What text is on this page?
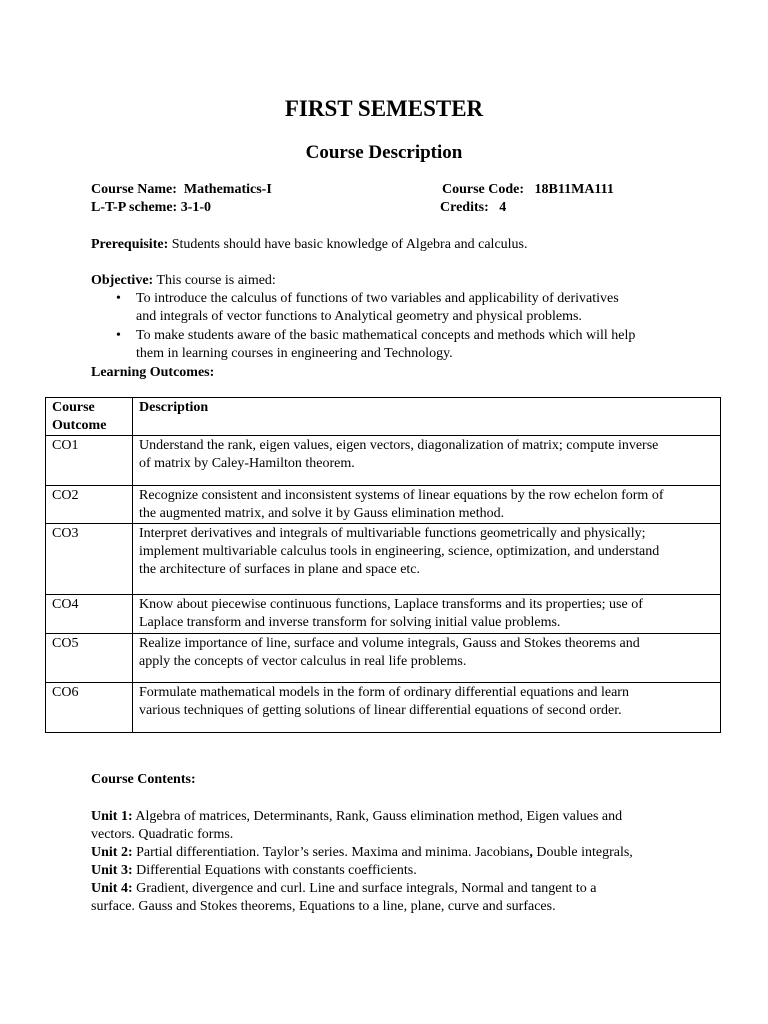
FIRST SEMESTER
Course Description
Course Name: Mathematics-I	Course Code: 18B11MA111
L-T-P scheme: 3-1-0	Credits: 4
Prerequisite: Students should have basic knowledge of Algebra and calculus.
Objective: This course is aimed:
• To introduce the calculus of functions of two variables and applicability of derivatives
and integrals of vector functions to Analytical geometry and physical problems.
• To make students aware of the basic mathematical concepts and methods which will help
them in learning courses in engineering and Technology.
Learning Outcomes:
Course
Outcome	Description
CO1	Understand the rank, eigen values, eigen vectors, diagonalization of matrix; compute inverse
of matrix by Caley-Hamilton theorem.
CO2	Recognize consistent and inconsistent systems of linear equations by the row echelon form of
the augmented matrix, and solve it by Gauss elimination method.
CO3	Interpret derivatives and integrals of multivariable functions geometrically and physically;
implement multivariable calculus tools in engineering, science, optimization, and understand
the architecture of surfaces in plane and space etc.
CO4	Know about piecewise continuous functions, Laplace transforms and its properties; use of
Laplace transform and inverse transform for solving initial value problems.
CO5	Realize importance of line, surface and volume integrals, Gauss and Stokes theorems and
apply the concepts of vector calculus in real life problems.
CO6	Formulate mathematical models in the form of ordinary differential equations and learn
various techniques of getting solutions of linear differential equations of second order.
Course Contents:
Unit 1: Algebra of matrices, Determinants, Rank, Gauss elimination method, Eigen values and
vectors. Quadratic forms.
Unit 2: Partial differentiation. Taylor’s series. Maxima and minima. Jacobians, Double integrals,
Unit 3: Differential Equations with constants coefficients.
Unit 4: Gradient, divergence and curl. Line and surface integrals, Normal and tangent to a
surface. Gauss and Stokes theorems, Equations to a line, plane, curve and surfaces.
